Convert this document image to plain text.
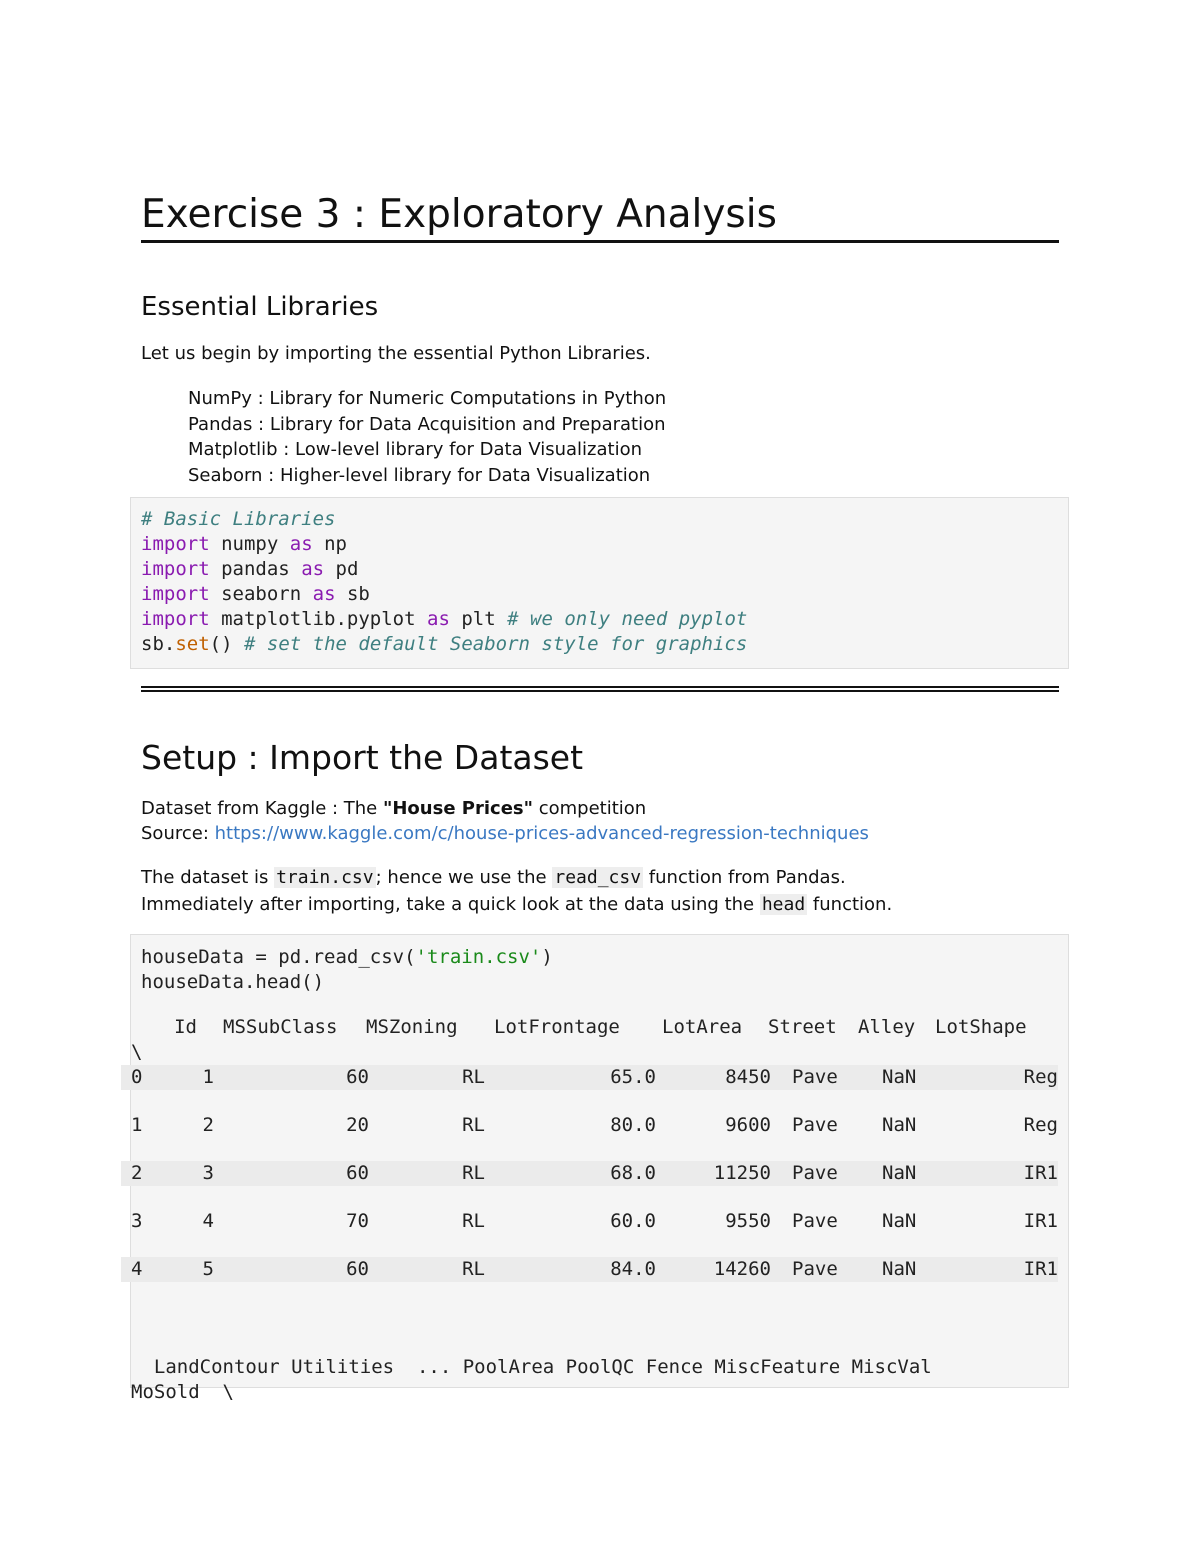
Exercise 3 : Exploratory Analysis
Essential Libraries
Let us begin by importing the essential Python Libraries.
NumPy : Library for Numeric Computations in Python
Pandas : Library for Data Acquisition and Preparation
Matplotlib : Low-level library for Data Visualization
Seaborn : Higher-level library for Data Visualization
# Basic Libraries
import numpy as np
import pandas as pd
import seaborn as sb
import matplotlib.pyplot as plt # we only need pyplot
sb.set() # set the default Seaborn style for graphics
Setup : Import the Dataset
Dataset from Kaggle : The "House Prices" competition
Source: https://www.kaggle.com/c/house-prices-advanced-regression-techniques
The dataset is train.csv ; hence we use the read_csv function from Pandas.
Immediately after importing, take a quick look at the data using the head function.
houseData = pd.read_csv('train.csv')
houseData.head()
Id MSSubClass MSZoning LotFrontage LotArea Street Alley LotShape
\
0	1	60	RL	65.0	8450 Pave NaN	Reg
1	2	20	RL	80.0	9600 Pave NaN	Reg
2	3	60	RL	68.0	11250 Pave NaN	IR1
3	4	70	RL	60.0	9550 Pave NaN	IR1
4	5	60	RL	84.0	14260 Pave NaN	IR1
LandContour Utilities  ... PoolArea PoolQC Fence MiscFeature MiscVal
MoSold  \
